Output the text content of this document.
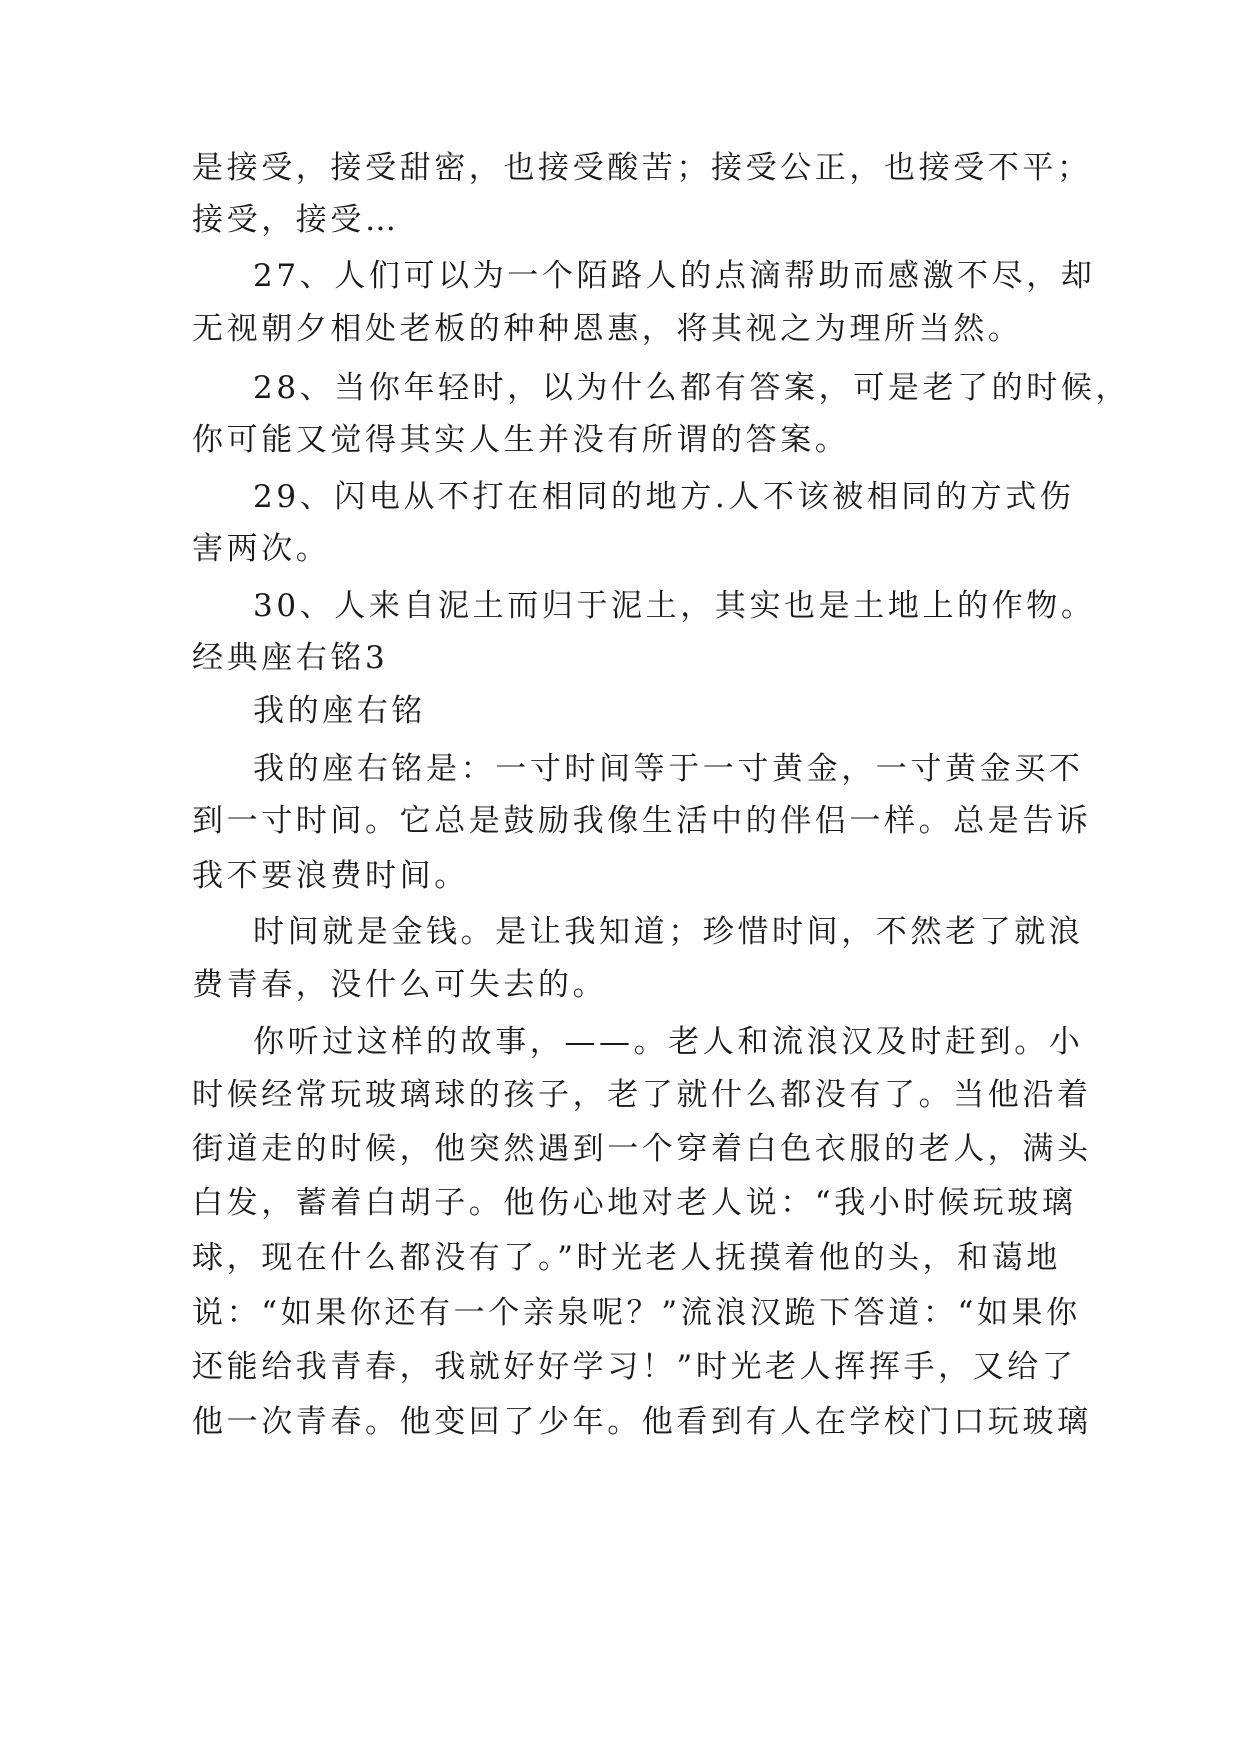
是接受，接受甜密，也接受酸苦；接受公正，也接受不平；
接受，接受…
27、人们可以为一个陌路人的点滴帮助而感激不尽，却
无视朝夕相处老板的种种恩惠，将其视之为理所当然。
28、当你年轻时，以为什么都有答案，可是老了的时候，
你可能又觉得其实人生并没有所谓的答案。
29、闪电从不打在相同的地方.人不该被相同的方式伤
害两次。
30、人来自泥土而归于泥土，其实也是土地上的作物。
经典座右铭3
我的座右铭
我的座右铭是：一寸时间等于一寸黄金，一寸黄金买不
到一寸时间。它总是鼓励我像生活中的伴侣一样。总是告诉
我不要浪费时间。
时间就是金钱。是让我知道；珍惜时间，不然老了就浪
费青春，没什么可失去的。
你听过这样的故事，——。老人和流浪汉及时赶到。小
时候经常玩玻璃球的孩子，老了就什么都没有了。当他沿着
街道走的时候，他突然遇到一个穿着白色衣服的老人，满头
白发，蓄着白胡子。他伤心地对老人说：“我小时候玩玻璃
球，现在什么都没有了。”时光老人抚摸着他的头，和蔼地
说：“如果你还有一个亲泉呢？”流浪汉跪下答道：“如果你
还能给我青春，我就好好学习！”时光老人挥挥手，又给了
他一次青春。他变回了少年。他看到有人在学校门口玩玻璃
